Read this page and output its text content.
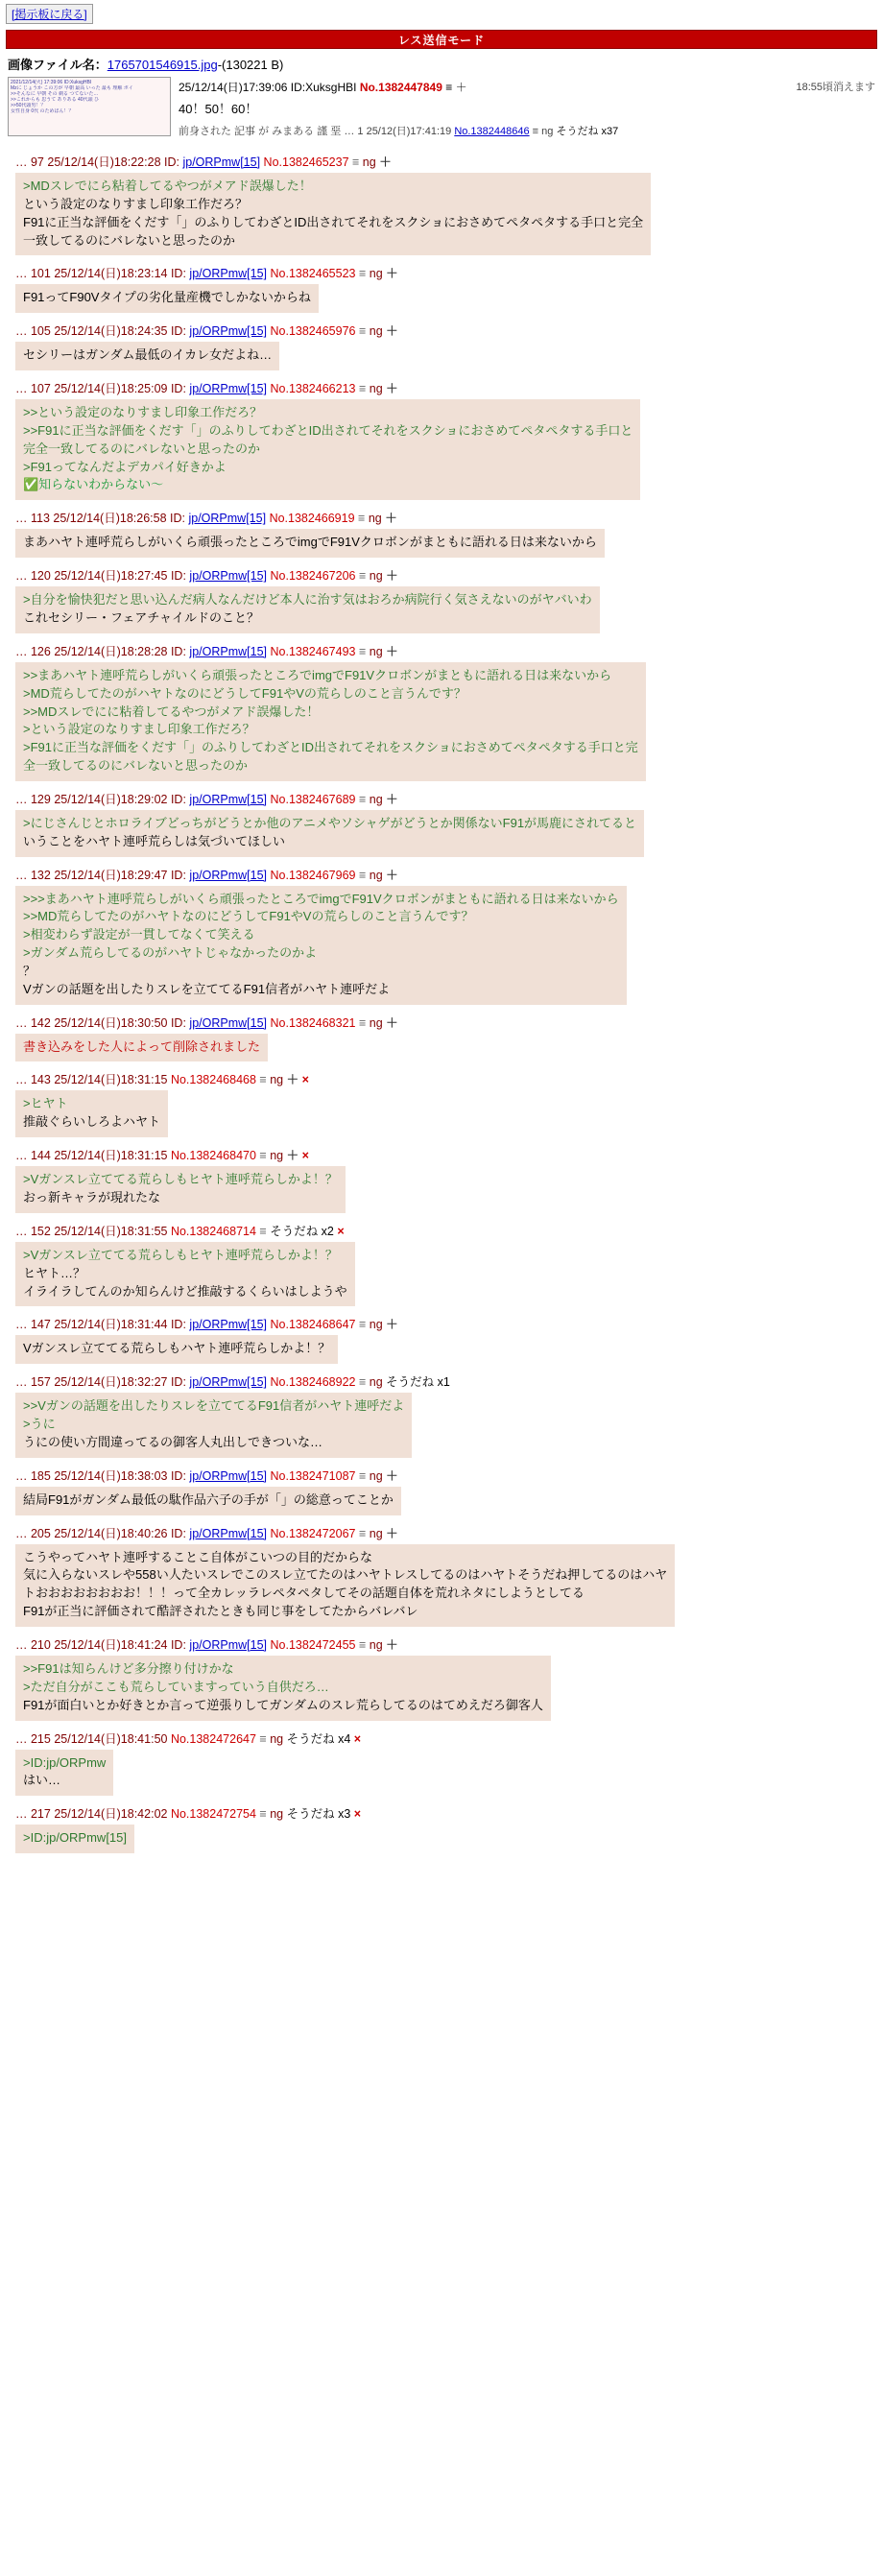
[掲示板に戻る]
レス送信モード
画像ファイル名：1765701546915.jpg-(130221 B)
2021/12/14(火) 17:39:06 ID:XuksgHBI
Mzに じょうか この方が 早朝 最高 いった 最も 理解 ボイ
>>そんなに 早朝 その 剃る つてないた…
>>これからも 思うて ありある 40代頭 ひ
>>50代頭男！？
女性自身 0代 のためばん！？
18:55頃消えます
25/12/14(日)17:39:06 ID:XuksgHBI No.1382447849 ≡ ＋
40！50！60！
前身された 記事 が みまある 謹 堊 … 1 25/12(日)17:41:19 No.1382448646 ≡ ng そうだね x37
… 97 25/12/14(日)18:22:28 ID: jp/ORPmw[15] No.1382465237 ≡ ng ＋
>MDスレでにら粘着してるやつがメアド誤爆した！
という設定のなりすまし印象工作だろ？
F91に正当な評価をくだす「」のふりしてわざとID出されてそれをスクショにおさめてペタペタする手口と完全
一致してるのにバレないと思ったのか
… 101 25/12/14(日)18:23:14 ID: jp/ORPmw[15] No.1382465523 ≡ ng ＋
F91ってF90Vタイプの劣化量産機でしかないからね
… 105 25/12/14(日)18:24:35 ID: jp/ORPmw[15] No.1382465976 ≡ ng ＋
セシリーはガンダム最低のイカレ女だよね…
… 107 25/12/14(日)18:25:09 ID: jp/ORPmw[15] No.1382466213 ≡ ng ＋
>>という設定のなりすまし印象工作だろ？
>>F91に正当な評価をくだす「」のふりしてわざとID出されてそれをスクショにおさめてペタペタする手口と
完全一致してるのにバレないと思ったのか
>F91ってなんだよデカパイ好きかよ
✅知らないわからない〜
… 113 25/12/14(日)18:26:58 ID: jp/ORPmw[15] No.1382466919 ≡ ng ＋
まあハヤト連呼荒らしがいくら頑張ったところでimgでF91Vクロボンがまともに語れる日は来ないから
… 120 25/12/14(日)18:27:45 ID: jp/ORPmw[15] No.1382467206 ≡ ng ＋
>自分を愉快犯だと思い込んだ病人なんだけど本人に治す気はおろか病院行く気さえないのがヤバいわ
これセシリー・フェアチャイルドのこと？
… 126 25/12/14(日)18:28:28 ID: jp/ORPmw[15] No.1382467493 ≡ ng ＋
>>まあハヤト連呼荒らしがいくら頑張ったところでimgでF91Vクロボンがまともに語れる日は来ないから
>MD荒らしてたのがハヤトなのにどうしてF91やVの荒らしのこと言うんです？
>>MDスレでにに粘着してるやつがメアド誤爆した！
>という設定のなりすまし印象工作だろ？
>F91に正当な評価をくだす「」のふりしてわざとID出されてそれをスクショにおさめてペタペタする手口と完
全一致してるのにバレないと思ったのか
… 129 25/12/14(日)18:29:02 ID: jp/ORPmw[15] No.1382467689 ≡ ng ＋
>にじさんじとホロライブどっちがどうとか他のアニメやソシャゲがどうとか関係ないF91が馬鹿にされてると
いうことをハヤト連呼荒らしは気づいてほしい
… 132 25/12/14(日)18:29:47 ID: jp/ORPmw[15] No.1382467969 ≡ ng ＋
>>>まあハヤト連呼荒らしがいくら頑張ったところでimgでF91Vクロボンがまともに語れる日は来ないから
>>MD荒らしてたのがハヤトなのにどうしてF91やVの荒らしのこと言うんです？
>相変わらず設定が一貫してなくて笑える
>ガンダム荒らしてるのがハヤトじゃなかったのかよ
？
Vガンの話題を出したりスレを立ててるF91信者がハヤト連呼だよ
… 142 25/12/14(日)18:30:50 ID: jp/ORPmw[15] No.1382468321 ≡ ng ＋
書き込みをした人によって削除されました
… 143 25/12/14(日)18:31:15 No.1382468468 ≡ ng ＋ ×
>ヒヤト
推敲ぐらいしろよハヤト
… 144 25/12/14(日)18:31:15 No.1382468470 ≡ ng ＋ ×
>Vガンスレ立ててる荒らしもヒヤト連呼荒らしかよ！？
おっ新キャラが現れたな
… 152 25/12/14(日)18:31:55 No.1382468714 ≡ そうだね x2 ×
>Vガンスレ立ててる荒らしもヒヤト連呼荒らしかよ！？
ヒヤト…？
イライラしてんのか知らんけど推敲するくらいはしようや
… 147 25/12/14(日)18:31:44 ID: jp/ORPmw[15] No.1382468647 ≡ ng ＋
Vガンスレ立ててる荒らしもハヤト連呼荒らしかよ！？
… 157 25/12/14(日)18:32:27 ID: jp/ORPmw[15] No.1382468922 ≡ ng そうだね x1
>>Vガンの話題を出したりスレを立ててるF91信者がハヤト連呼だよ
>うに
うにの使い方間違ってるの御客人丸出しできついな…
… 185 25/12/14(日)18:38:03 ID: jp/ORPmw[15] No.1382471087 ≡ ng ＋
結局F91がガンダム最低の駄作品六子の手が「」の総意ってことか
… 205 25/12/14(日)18:40:26 ID: jp/ORPmw[15] No.1382472067 ≡ ng ＋
こうやってハヤト連呼することこ自体がこいつの目的だからな
気に入らないスレや558い人たいスレでこのスレ立てたのはハヤトレスしてるのはハヤトそうだね押してるのはハヤ
トおおおおおおおお！！！って全カレッラレペタペタしてその話題自体を荒れネタにしようとしてる
F91が正当に評価されて酷評されたときも同じ事をしてたからバレバレ
… 210 25/12/14(日)18:41:24 ID: jp/ORPmw[15] No.1382472455 ≡ ng ＋
>>F91は知らんけど多分擦り付けかな
>ただ自分がここも荒らしていますっていう自供だろ…
F91が面白いとか好きとか言って逆張りしてガンダムのスレ荒らしてるのはてめえだろ御客人
… 215 25/12/14(日)18:41:50 No.1382472647 ≡ ng そうだね x4 ×
>ID:jp/ORPmw
はい…
… 217 25/12/14(日)18:42:02 No.1382472754 ≡ ng そうだね x3 ×
>ID:jp/ORPmw[15]
